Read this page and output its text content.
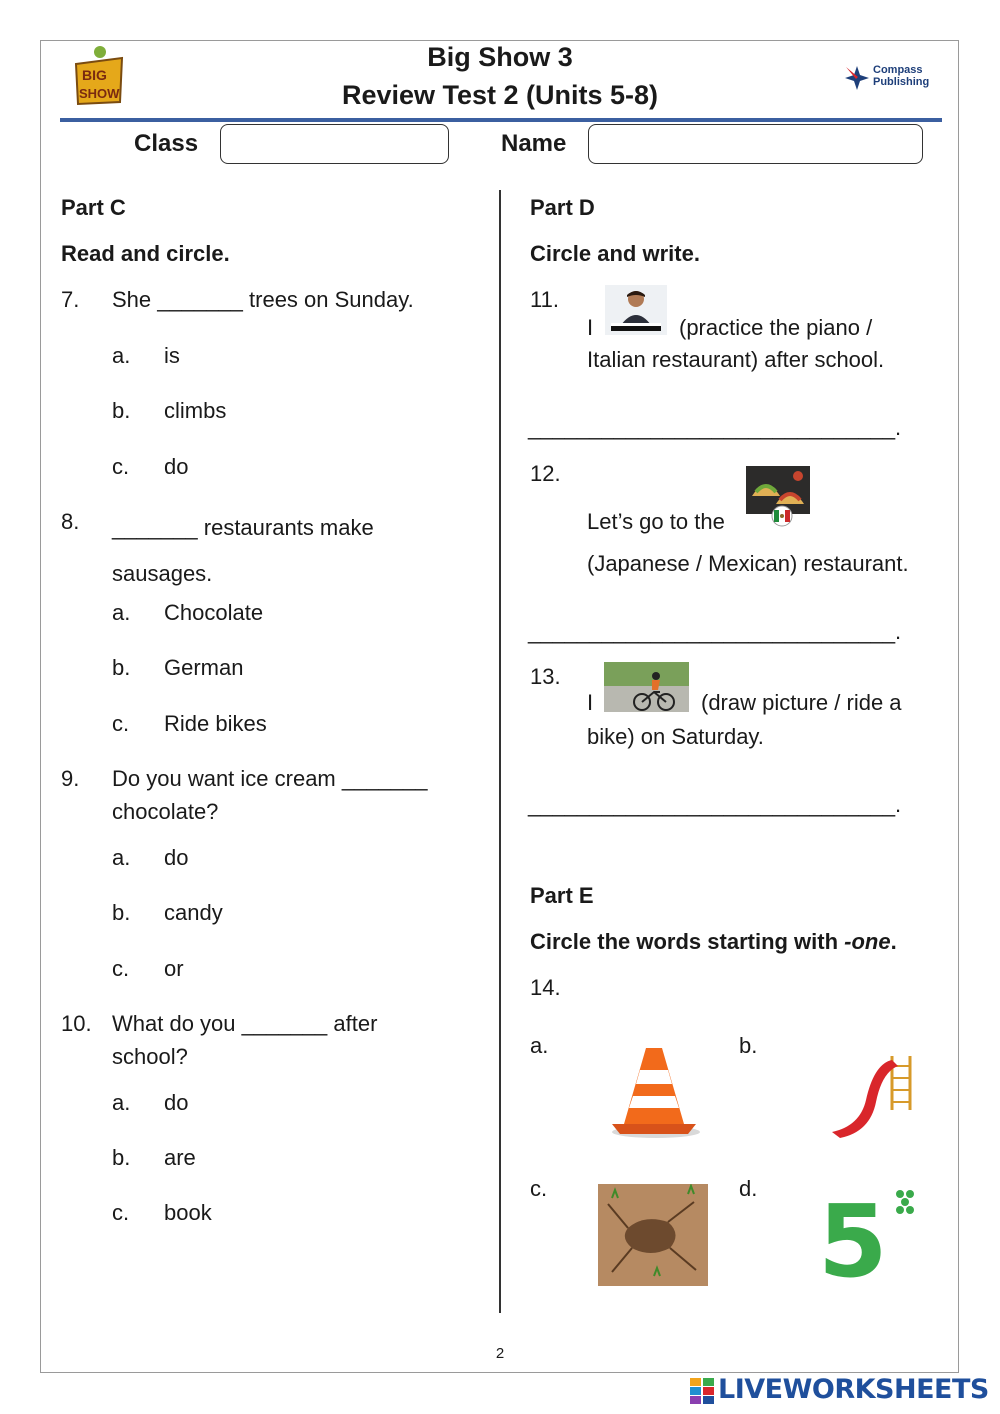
BIG
SHOW
Big Show 3
Review Test 2 (Units 5-8)
Compass
Publishing
Class	Name
Part C
Read and circle.
7. She _______ trees on Sunday.
a. is
b. climbs
c. do
8. _______ restaurants make
sausages.
a. Chocolate
b. German
c. Ride bikes
9. Do you want ice cream _______
chocolate?
a. do
b. candy
c. or
10. What do you _______ after
school?
a. do
b. are
c. book
Part D
Circle and write.
11.
I	(practice the piano /
Italian restaurant) after school.
______________________________.
12.
Let’s go to the
(Japanese / Mexican) restaurant.
______________________________.
13.
I	(draw picture / ride a
bike) on Saturday.
______________________________.
Part E
Circle the words starting with -one.
14.
a.	b.
c.	d. 5
2
LIVEWORKSHEETS
